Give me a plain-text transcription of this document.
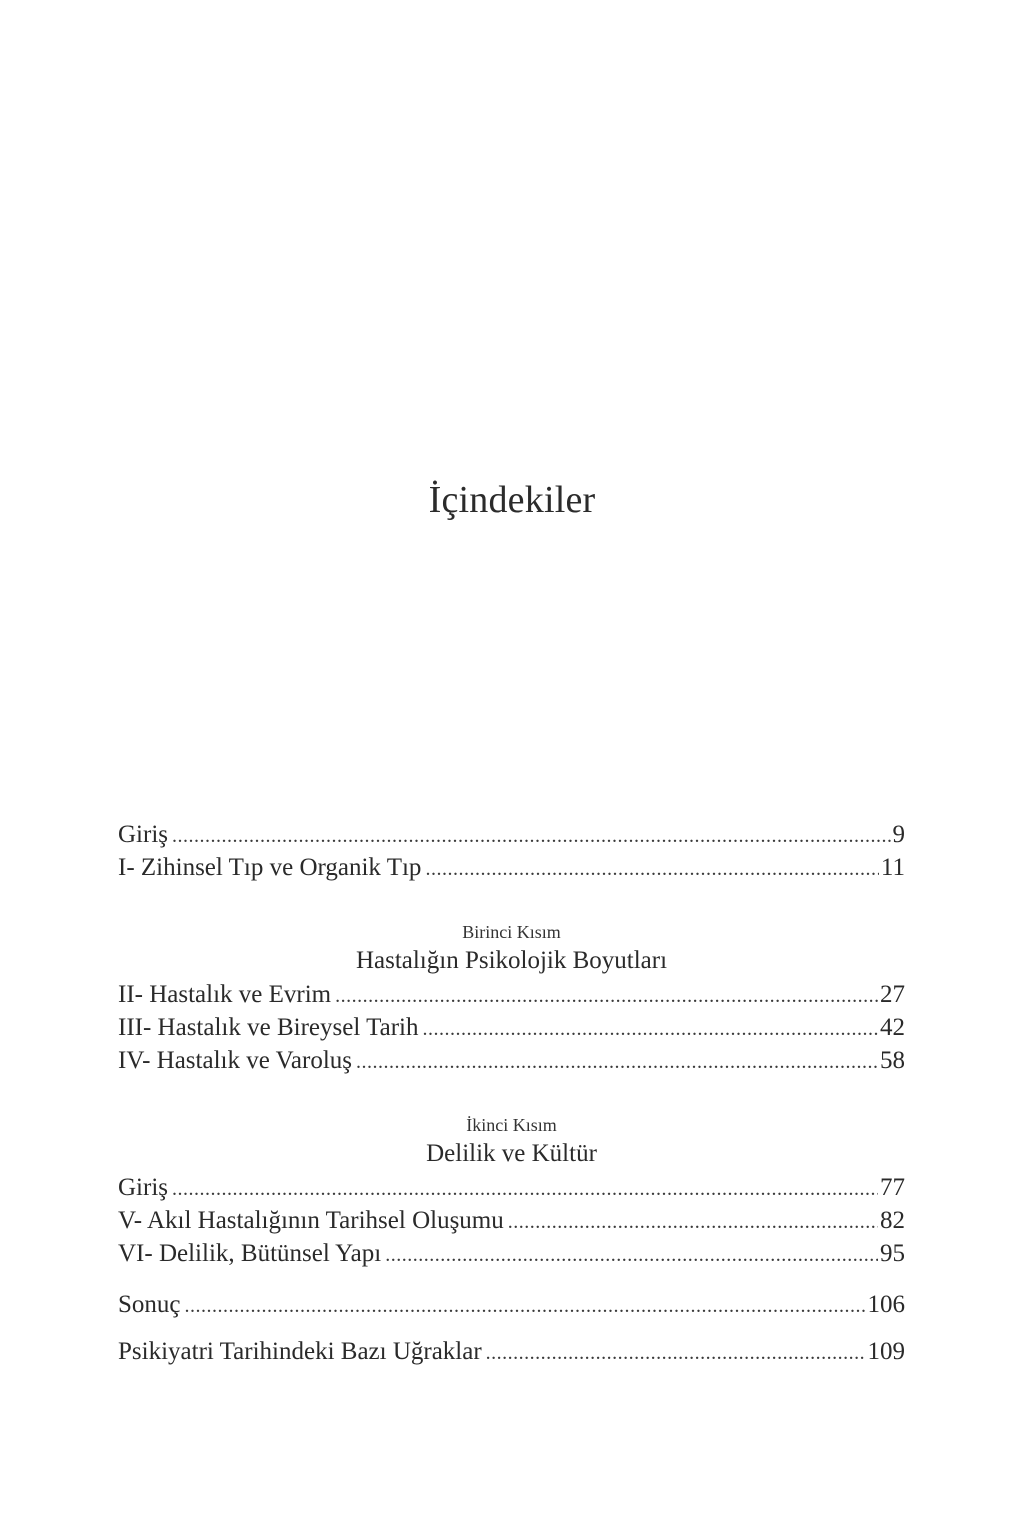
İçindekiler
Giriş .....	9
I- Zihinsel Tıp ve Organik Tıp .....	11
Birinci Kısım
Hastalığın Psikolojik Boyutları
II- Hastalık ve Evrim .....	27
III- Hastalık ve Bireysel Tarih .....	42
IV- Hastalık ve Varoluş .....	58
İkinci Kısım
Delilik ve Kültür
Giriş .....	77
V- Akıl Hastalığının Tarihsel Oluşumu .....	82
VI- Delilik, Bütünsel Yapı .....	95
Sonuç .....	106
Psikiyatri Tarihindeki Bazı Uğraklar .....	109
